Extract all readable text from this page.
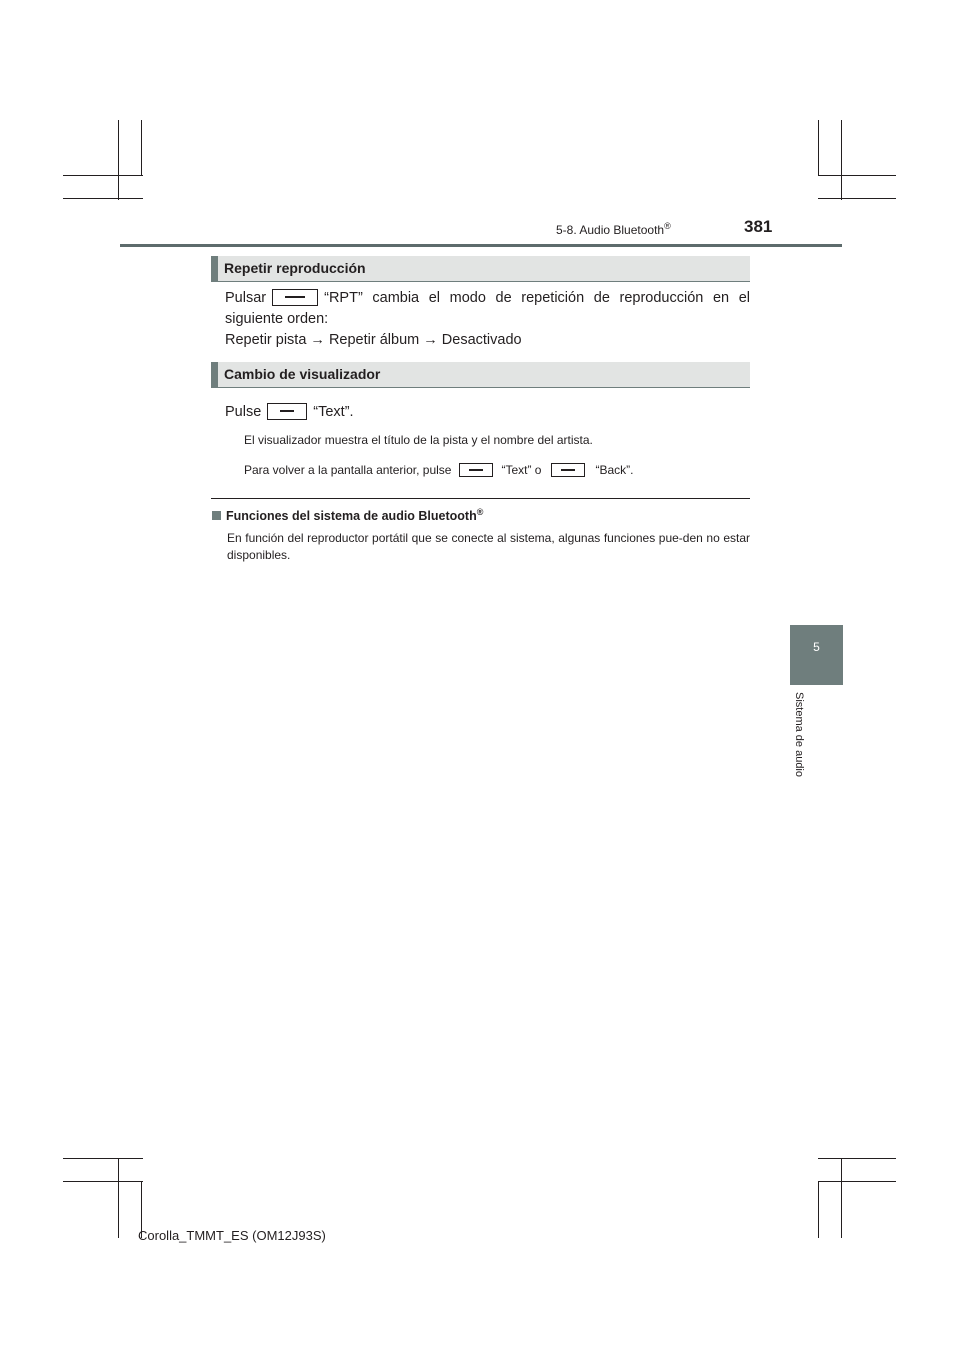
5-8. Audio Bluetooth®	381
5
Sistema de audio
Repetir reproducción
Pulsar	“RPT” cambia el modo de repetición de reproducción en el siguiente orden:
Repetir pista → Repetir álbum → Desactivado
Cambio de visualizador
Pulse	“Text”.
El visualizador muestra el título de la pista y el nombre del artista.
Para volver a la pantalla anterior, pulse	“Text” o	“Back”.
Funciones del sistema de audio Bluetooth®
En función del reproductor portátil que se conecte al sistema, algunas funciones pue-den no estar disponibles.
Corolla_TMMT_ES (OM12J93S)
